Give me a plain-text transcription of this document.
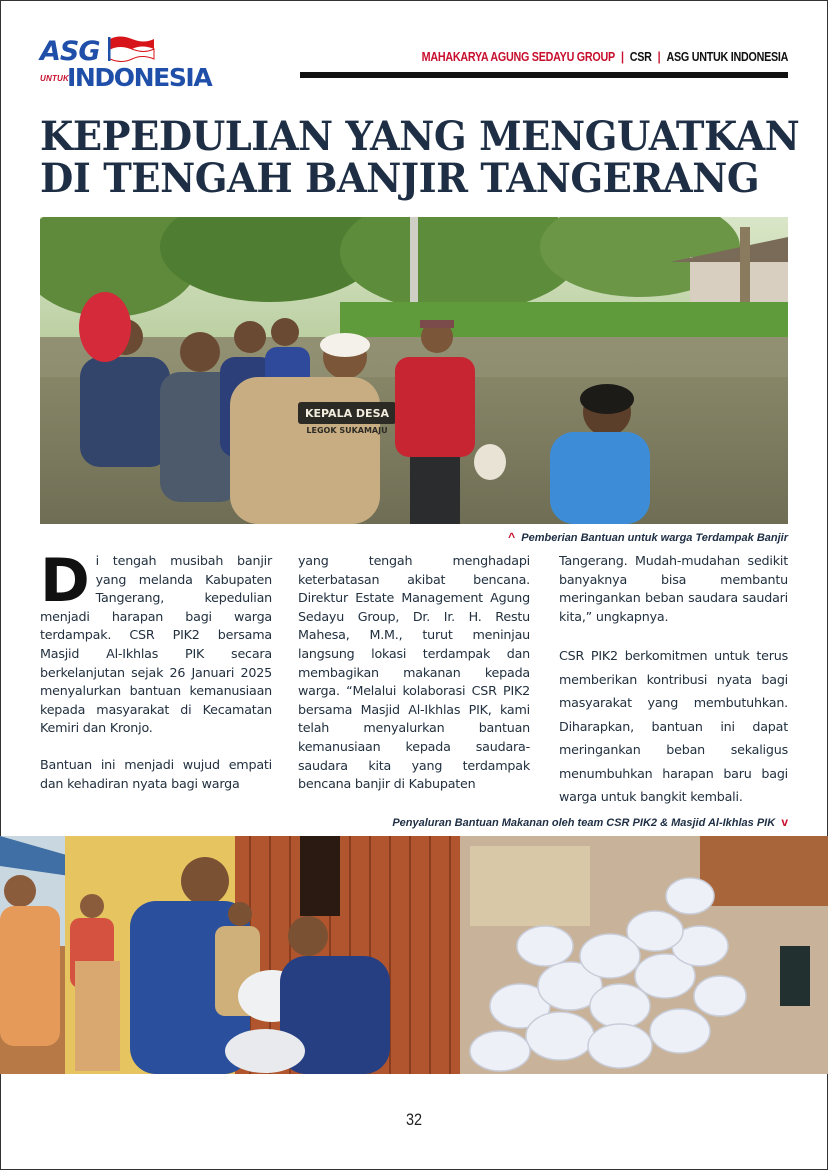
ASG
UNTUK
INDONESIA
MAHAKARYA AGUNG SEDAYU GROUP | CSR | ASG UNTUK INDONESIA
KEPEDULIAN YANG MENGUATKAN
DI TENGAH BANJIR TANGERANG
KEPALA DESA
LEGOK SUKAMAJU
^ Pemberian Bantuan untuk warga Terdampak Banjir

Di tengah musibah banjir yang melanda Kabupaten Tangerang, kepedulian menjadi harapan bagi warga terdampak. CSR PIK2 bersama Masjid Al-Ikhlas PIK secara berkelanjutan sejak 26 Januari 2025 menyalurkan bantuan kemanusiaan kepada masyarakat di Kecamatan Kemiri dan Kronjo.

Bantuan ini menjadi wujud empati dan kehadiran nyata bagi warga

yang tengah menghadapi keterbatasan akibat bencana. Direktur Estate Management Agung Sedayu Group, Dr. Ir. H. Restu Mahesa, M.M., turut meninjau langsung lokasi terdampak dan membagikan makanan kepada warga. “Melalui kolaborasi CSR PIK2 bersama Masjid Al-Ikhlas PIK, kami telah menyalurkan bantuan kemanusiaan kepada saudara-saudara kita yang terdampak bencana banjir di Kabupaten

Tangerang. Mudah-mudahan sedikit banyaknya bisa membantu meringankan beban saudara saudari kita,” ungkapnya.

CSR PIK2 berkomitmen untuk terus memberikan kontribusi nyata bagi masyarakat yang membutuhkan. Diharapkan, bantuan ini dapat meringankan beban sekaligus menumbuhkan harapan baru bagi warga untuk bangkit kembali.

Penyaluran Bantuan Makanan oleh team CSR PIK2 & Masjid Al-Ikhlas PIK v
32
